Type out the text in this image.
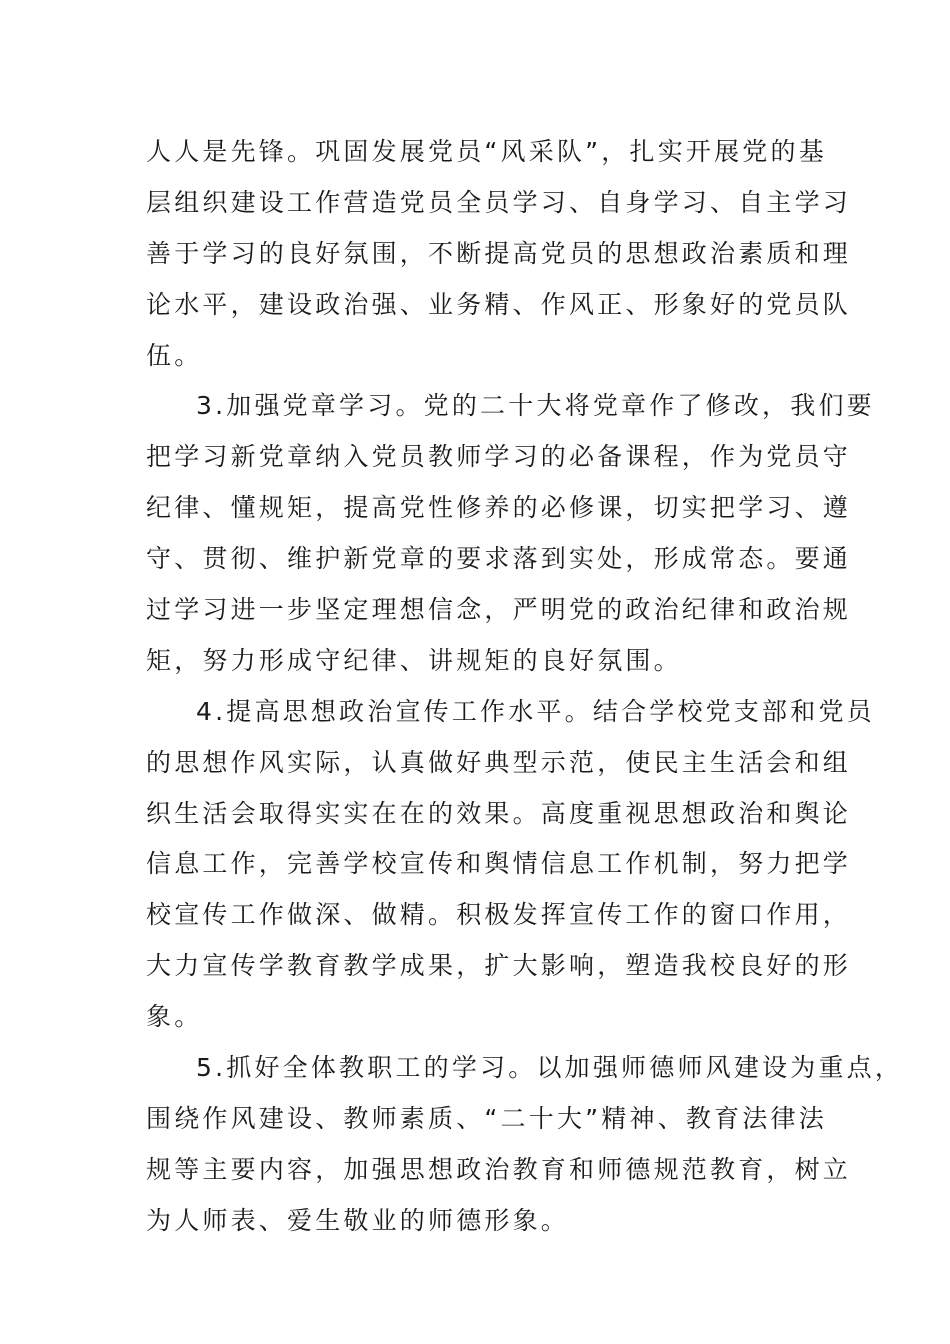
人人是先锋。巩固发展党员“风采队”，扎实开展党的基
层组织建设工作营造党员全员学习、自身学习、自主学习
善于学习的良好氛围，不断提高党员的思想政治素质和理
论水平，建设政治强、业务精、作风正、形象好的党员队
伍。
3.加强党章学习。党的二十大将党章作了修改，我们要
把学习新党章纳入党员教师学习的必备课程，作为党员守
纪律、懂规矩，提高党性修养的必修课，切实把学习、遵
守、贯彻、维护新党章的要求落到实处，形成常态。要通
过学习进一步坚定理想信念，严明党的政治纪律和政治规
矩，努力形成守纪律、讲规矩的良好氛围。
4.提高思想政治宣传工作水平。结合学校党支部和党员
的思想作风实际，认真做好典型示范，使民主生活会和组
织生活会取得实实在在的效果。高度重视思想政治和舆论
信息工作，完善学校宣传和舆情信息工作机制，努力把学
校宣传工作做深、做精。积极发挥宣传工作的窗口作用，
大力宣传学教育教学成果，扩大影响，塑造我校良好的形
象。
5.抓好全体教职工的学习。以加强师德师风建设为重点，
围绕作风建设、教师素质、“二十大”精神、教育法律法
规等主要内容，加强思想政治教育和师德规范教育，树立
为人师表、爱生敬业的师德形象。
